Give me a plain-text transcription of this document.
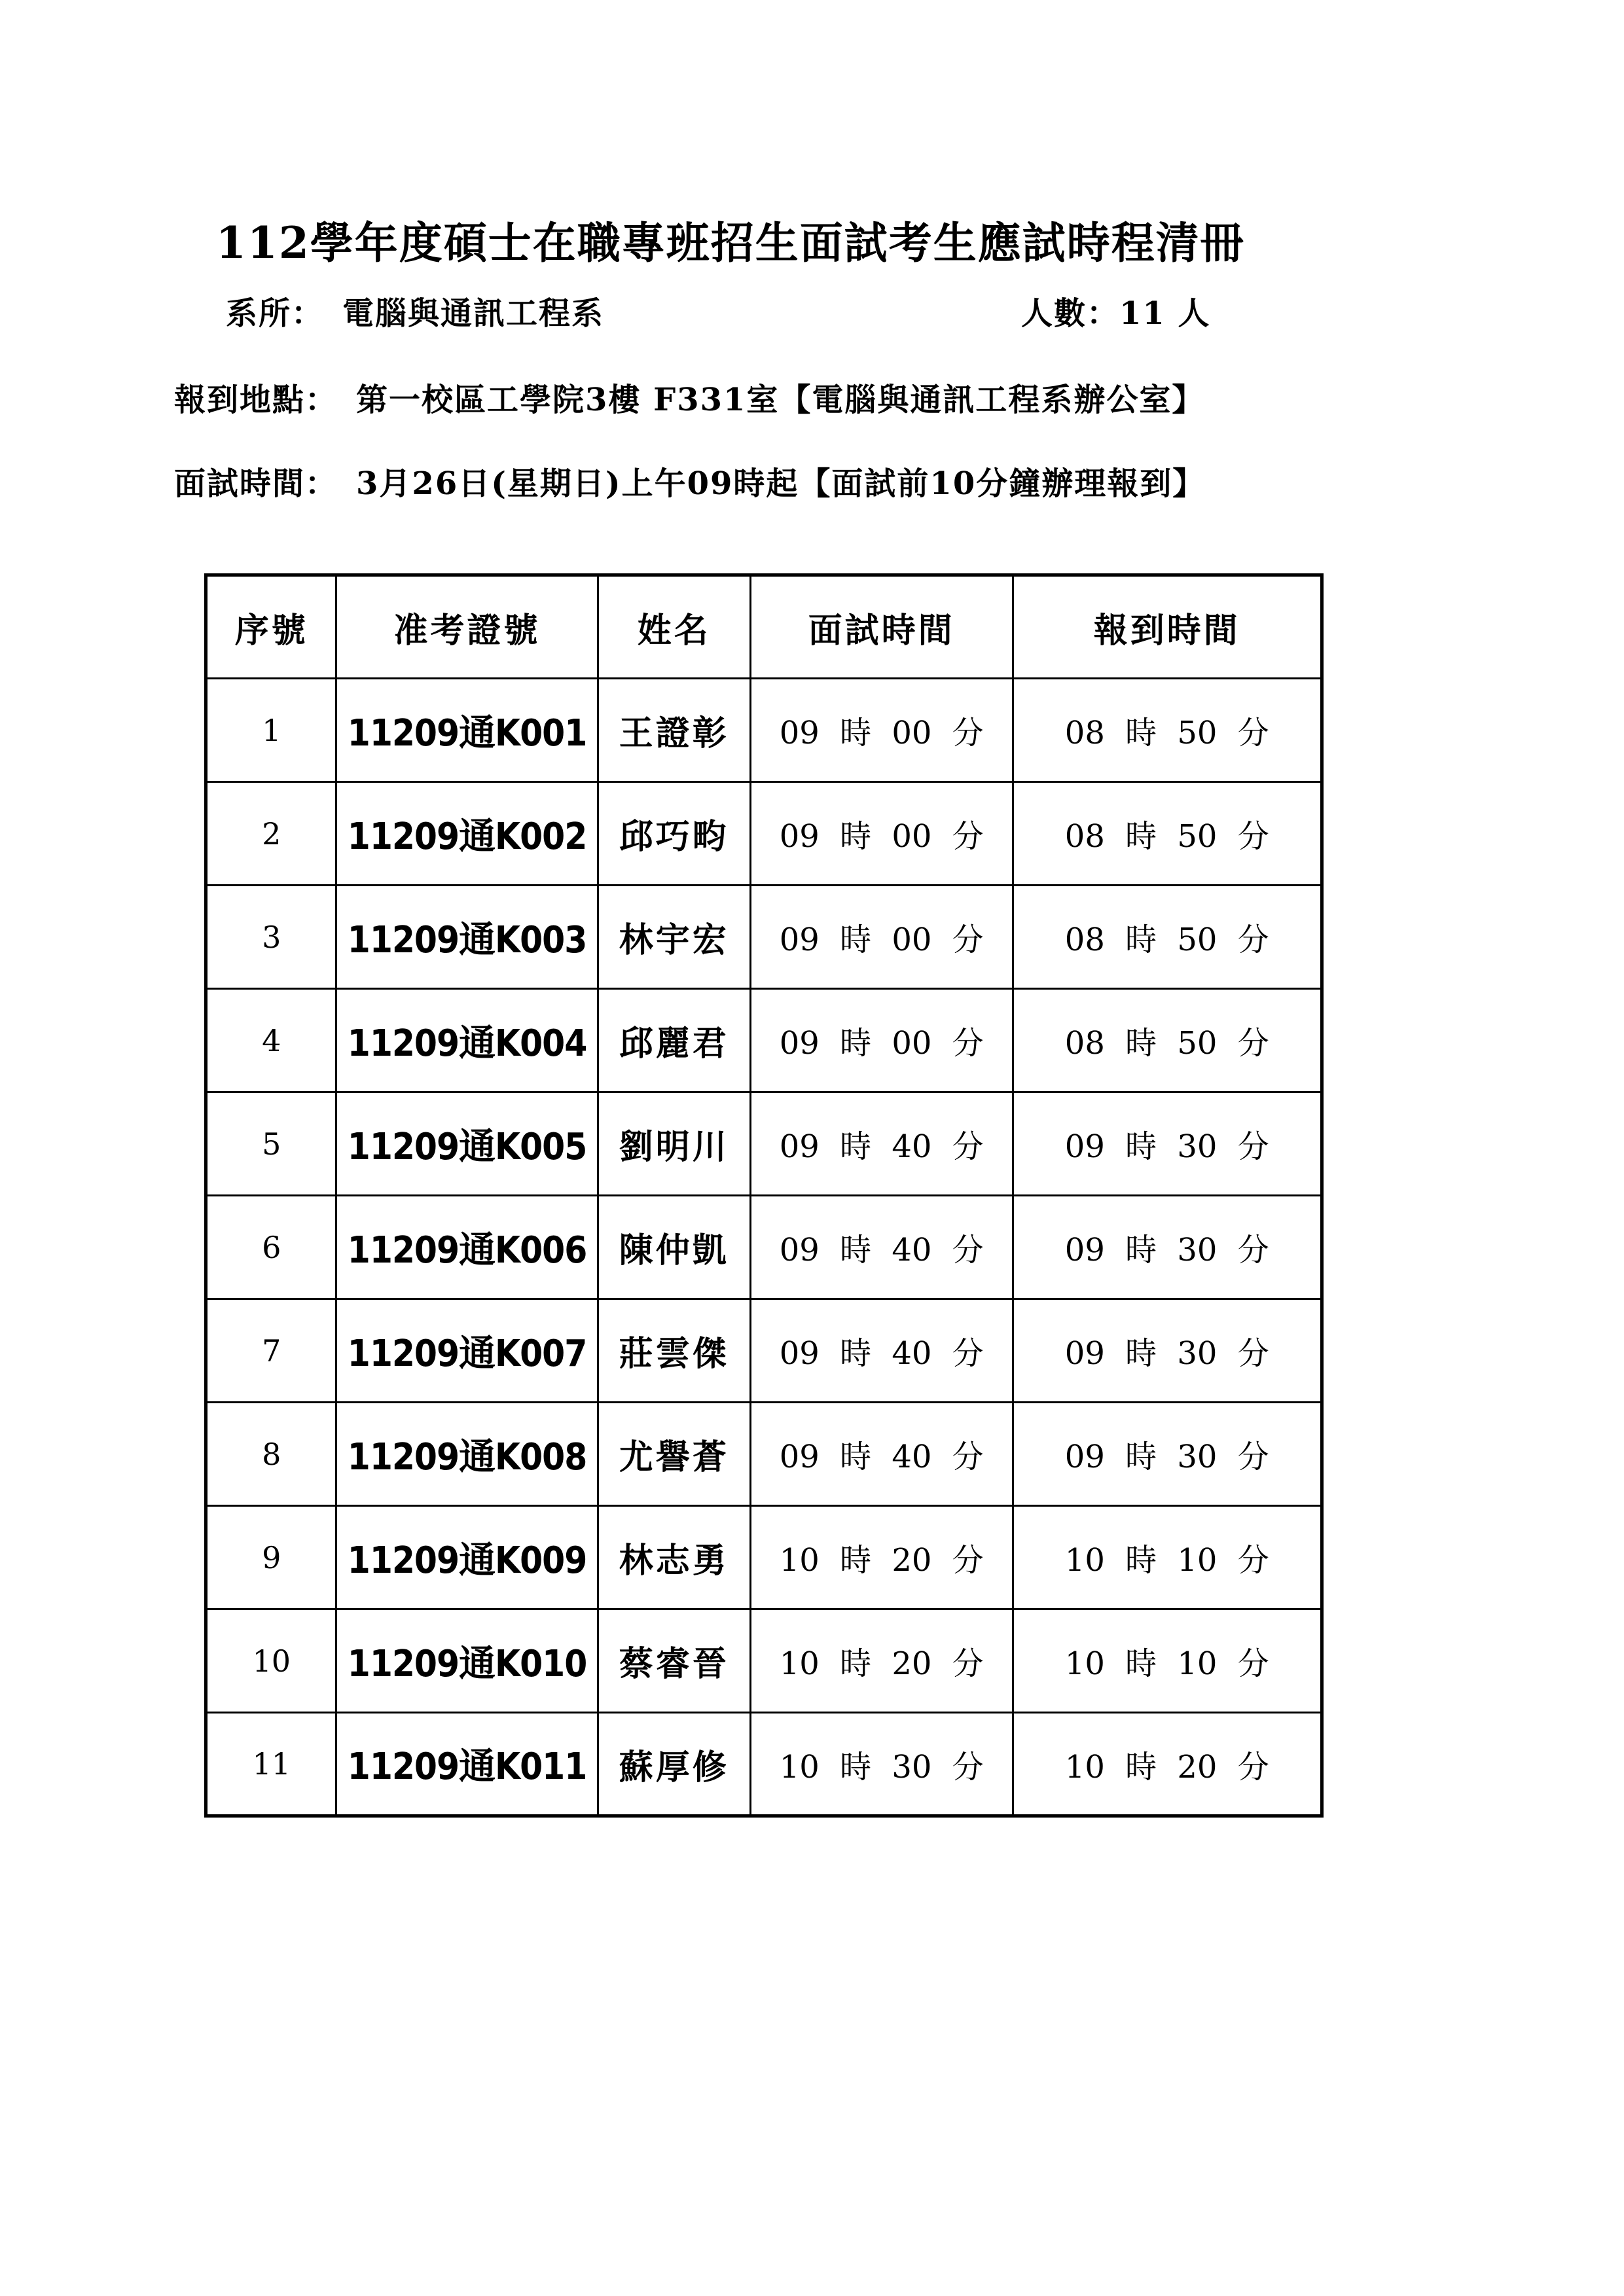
112學年度碩士在職專班招生面試考生應試時程清冊
系所： 電腦與通訊工程系	人數：11 人
報到地點： 第一校區工學院3樓 F331室【電腦與通訊工程系辦公室】
面試時間： 3月26日(星期日)上午09時起【面試前10分鐘辦理報到】
序號	准考證號	姓名	面試時間	報到時間
1	11209通K001	王證彰	09 時 00 分	08 時 50 分
2	11209通K002	邱巧畇	09 時 00 分	08 時 50 分
3	11209通K003	林宇宏	09 時 00 分	08 時 50 分
4	11209通K004	邱麗君	09 時 00 分	08 時 50 分
5	11209通K005	劉明川	09 時 40 分	09 時 30 分
6	11209通K006	陳仲凱	09 時 40 分	09 時 30 分
7	11209通K007	莊雲傑	09 時 40 分	09 時 30 分
8	11209通K008	尤譽蒼	09 時 40 分	09 時 30 分
9	11209通K009	林志勇	10 時 20 分	10 時 10 分
10	11209通K010	蔡睿晉	10 時 20 分	10 時 10 分
11	11209通K011	蘇厚修	10 時 30 分	10 時 20 分
